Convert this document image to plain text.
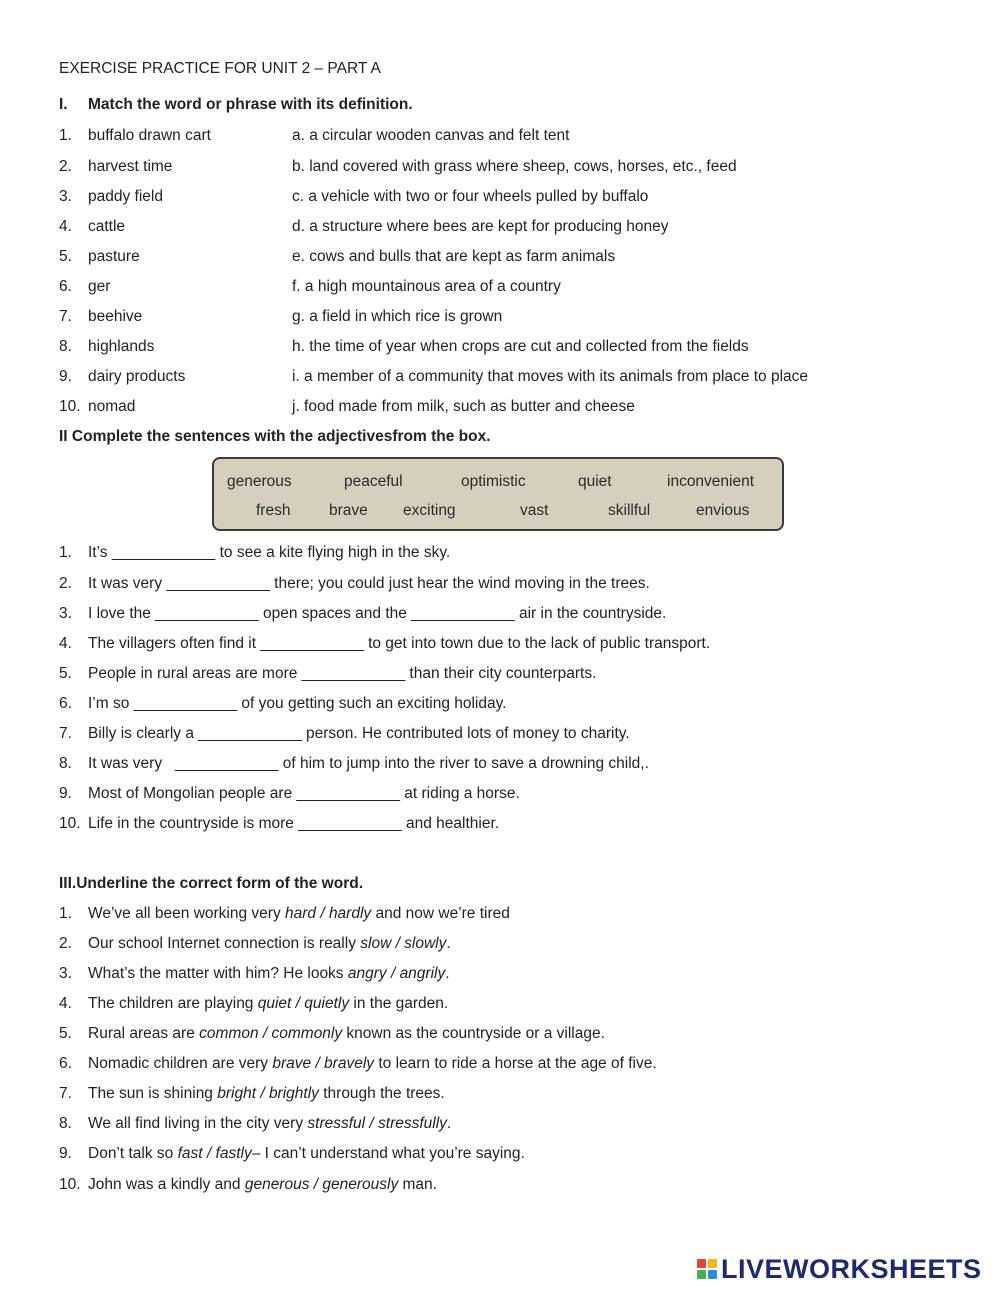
EXERCISE PRACTICE FOR UNIT 2 – PART A
I. Match the word or phrase with its definition.
1. buffalo drawn cart	a. a circular wooden canvas and felt tent
2. harvest time	b. land covered with grass where sheep, cows, horses, etc., feed
3. paddy field	c. a vehicle with two or four wheels pulled by buffalo
4. cattle	d. a structure where bees are kept for producing honey
5. pasture	e. cows and bulls that are kept as farm animals
6. ger	f. a high mountainous area of a country
7. beehive	g. a field in which rice is grown
8. highlands	h. the time of year when crops are cut and collected from the fields
9. dairy products	i. a member of a community that moves with its animals from place to place
10. nomad	j. food made from milk, such as butter and cheese
II Complete the sentences with the adjectivesfrom the box.
generous	peaceful	optimistic	quiet	inconvenient
fresh brave exciting	vast	skillful	envious
1. It’s ____________ to see a kite flying high in the sky.
2. It was very ____________ there; you could just hear the wind moving in the trees.
3. I love the ____________ open spaces and the ____________ air in the countryside.
4. The villagers often find it ____________ to get into town due to the lack of public transport.
5. People in rural areas are more ____________ than their city counterparts.
6. I’m so ____________ of you getting such an exciting holiday.
7. Billy is clearly a ____________ person. He contributed lots of money to charity.
8. It was very   ____________ of him to jump into the river to save a drowning child,.
9. Most of Mongolian people are ____________ at riding a horse.
10. Life in the countryside is more ____________ and healthier.
III.Underline the correct form of the word.
1. We’ve all been working very hard / hardly and now we’re tired
2. Our school Internet connection is really slow / slowly.
3. What’s the matter with him? He looks angry / angrily.
4. The children are playing quiet / quietly in the garden.
5. Rural areas are common / commonly known as the countryside or a village.
6. Nomadic children are very brave / bravely to learn to ride a horse at the age of five.
7. The sun is shining bright / brightly through the trees.
8. We all find living in the city very stressful / stressfully.
9. Don’t talk so fast / fastly– I can’t understand what you’re saying.
10. John was a kindly and generous / generously man.
LIVEWORKSHEETS
